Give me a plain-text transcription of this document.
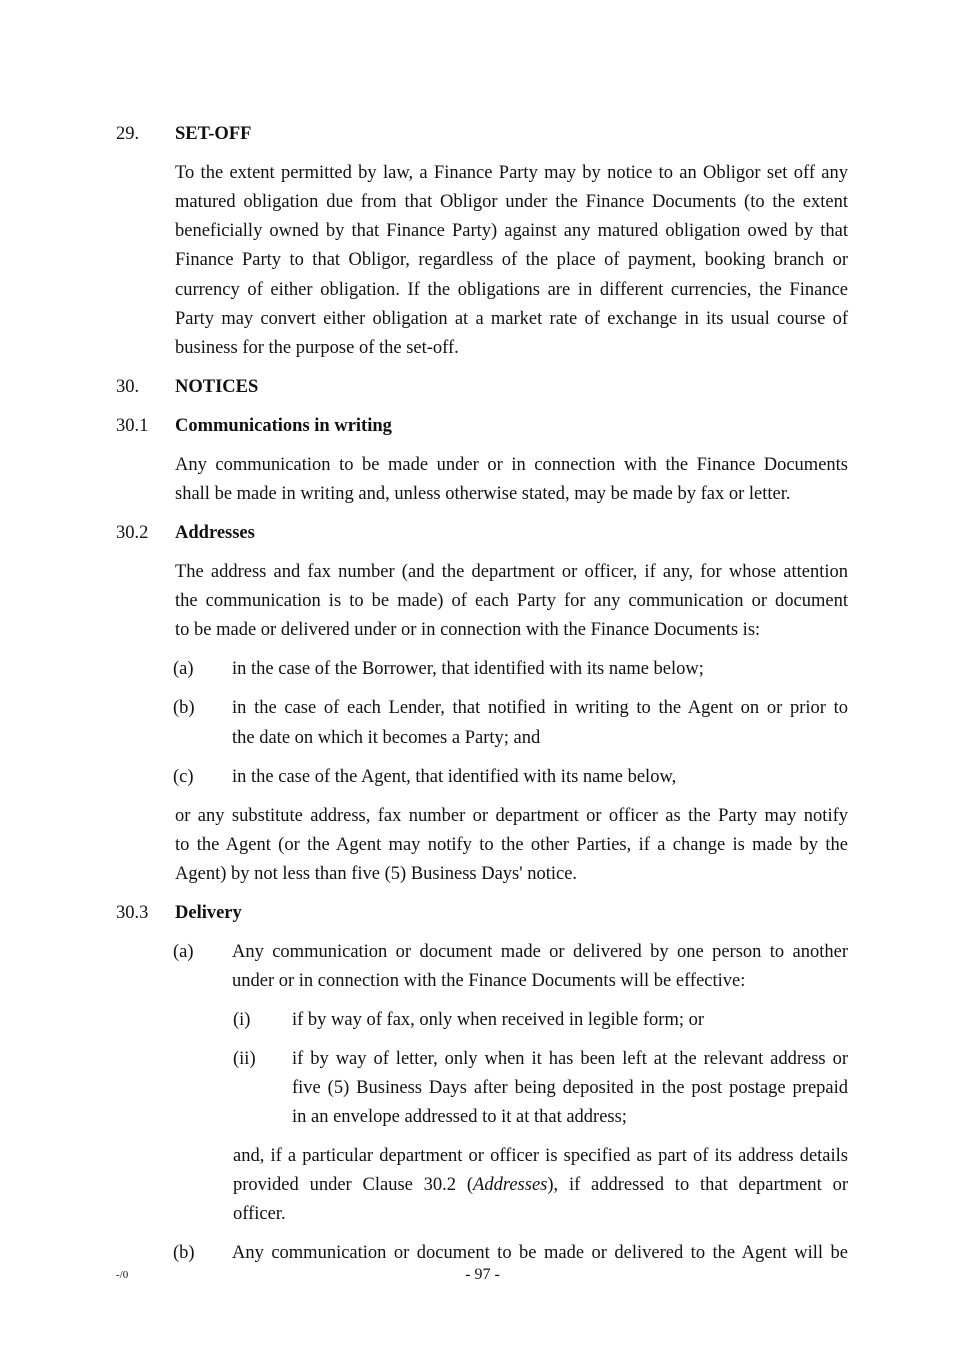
29. SET-OFF
To the extent permitted by law, a Finance Party may by notice to an Obligor set off any
matured obligation due from that Obligor under the Finance Documents (to the extent
beneficially owned by that Finance Party) against any matured obligation owed by that
Finance Party to that Obligor, regardless of the place of payment, booking branch or
currency of either obligation. If the obligations are in different currencies, the Finance
Party may convert either obligation at a market rate of exchange in its usual course of
business for the purpose of the set-off.
30. NOTICES
30.1 Communications in writing
Any communication to be made under or in connection with the Finance Documents
shall be made in writing and, unless otherwise stated, may be made by fax or letter.
30.2 Addresses
The address and fax number (and the department or officer, if any, for whose attention
the communication is to be made) of each Party for any communication or document
to be made or delivered under or in connection with the Finance Documents is:
(a) in the case of the Borrower, that identified with its name below;
(b) in the case of each Lender, that notified in writing to the Agent on or prior to
the date on which it becomes a Party; and
(c) in the case of the Agent, that identified with its name below,
or any substitute address, fax number or department or officer as the Party may notify
to the Agent (or the Agent may notify to the other Parties, if a change is made by the
Agent) by not less than five (5) Business Days' notice.
30.3 Delivery
(a) Any communication or document made or delivered by one person to another
under or in connection with the Finance Documents will be effective:
(i) if by way of fax, only when received in legible form; or
(ii) if by way of letter, only when it has been left at the relevant address or
five (5) Business Days after being deposited in the post postage prepaid
in an envelope addressed to it at that address;
and, if a particular department or officer is specified as part of its address details
provided under Clause 30.2 (Addresses), if addressed to that department or
officer.
(b) Any communication or document to be made or delivered to the Agent will be
-/0	- 97 -
